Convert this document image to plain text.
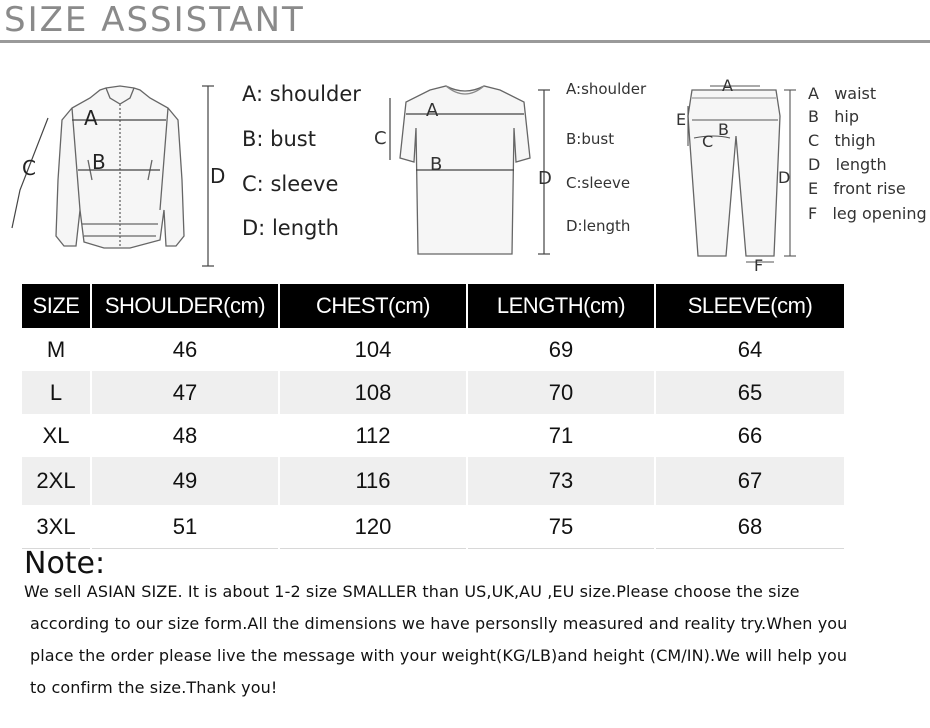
SIZE ASSISTANT
A
B
C	D
A: shoulder
B: bust
C: sleeve
D: length
A
B
C
D
A:shoulder
B:bust
C:sleeve
D:length
A
B
C
D
E
F
A waist
B hip
C thigh
D length
E front rise
F leg opening
SIZE	SHOULDER(cm)	CHEST(cm)	LENGTH(cm)	SLEEVE(cm)
M	46	104	69	64
L	47	108	70	65
XL	48	112	71	66
2XL	49	116	73	67
3XL	51	120	75	68
Note:
We sell ASIAN SIZE. It is about 1-2 size SMALLER than US,UK,AU ,EU size.Please choose the size
according to our size form.All the dimensions we have personslly measured and reality try.When you
place the order please live the message with your weight(KG/LB)and height (CM/IN).We will help you
to confirm the size.Thank you!
